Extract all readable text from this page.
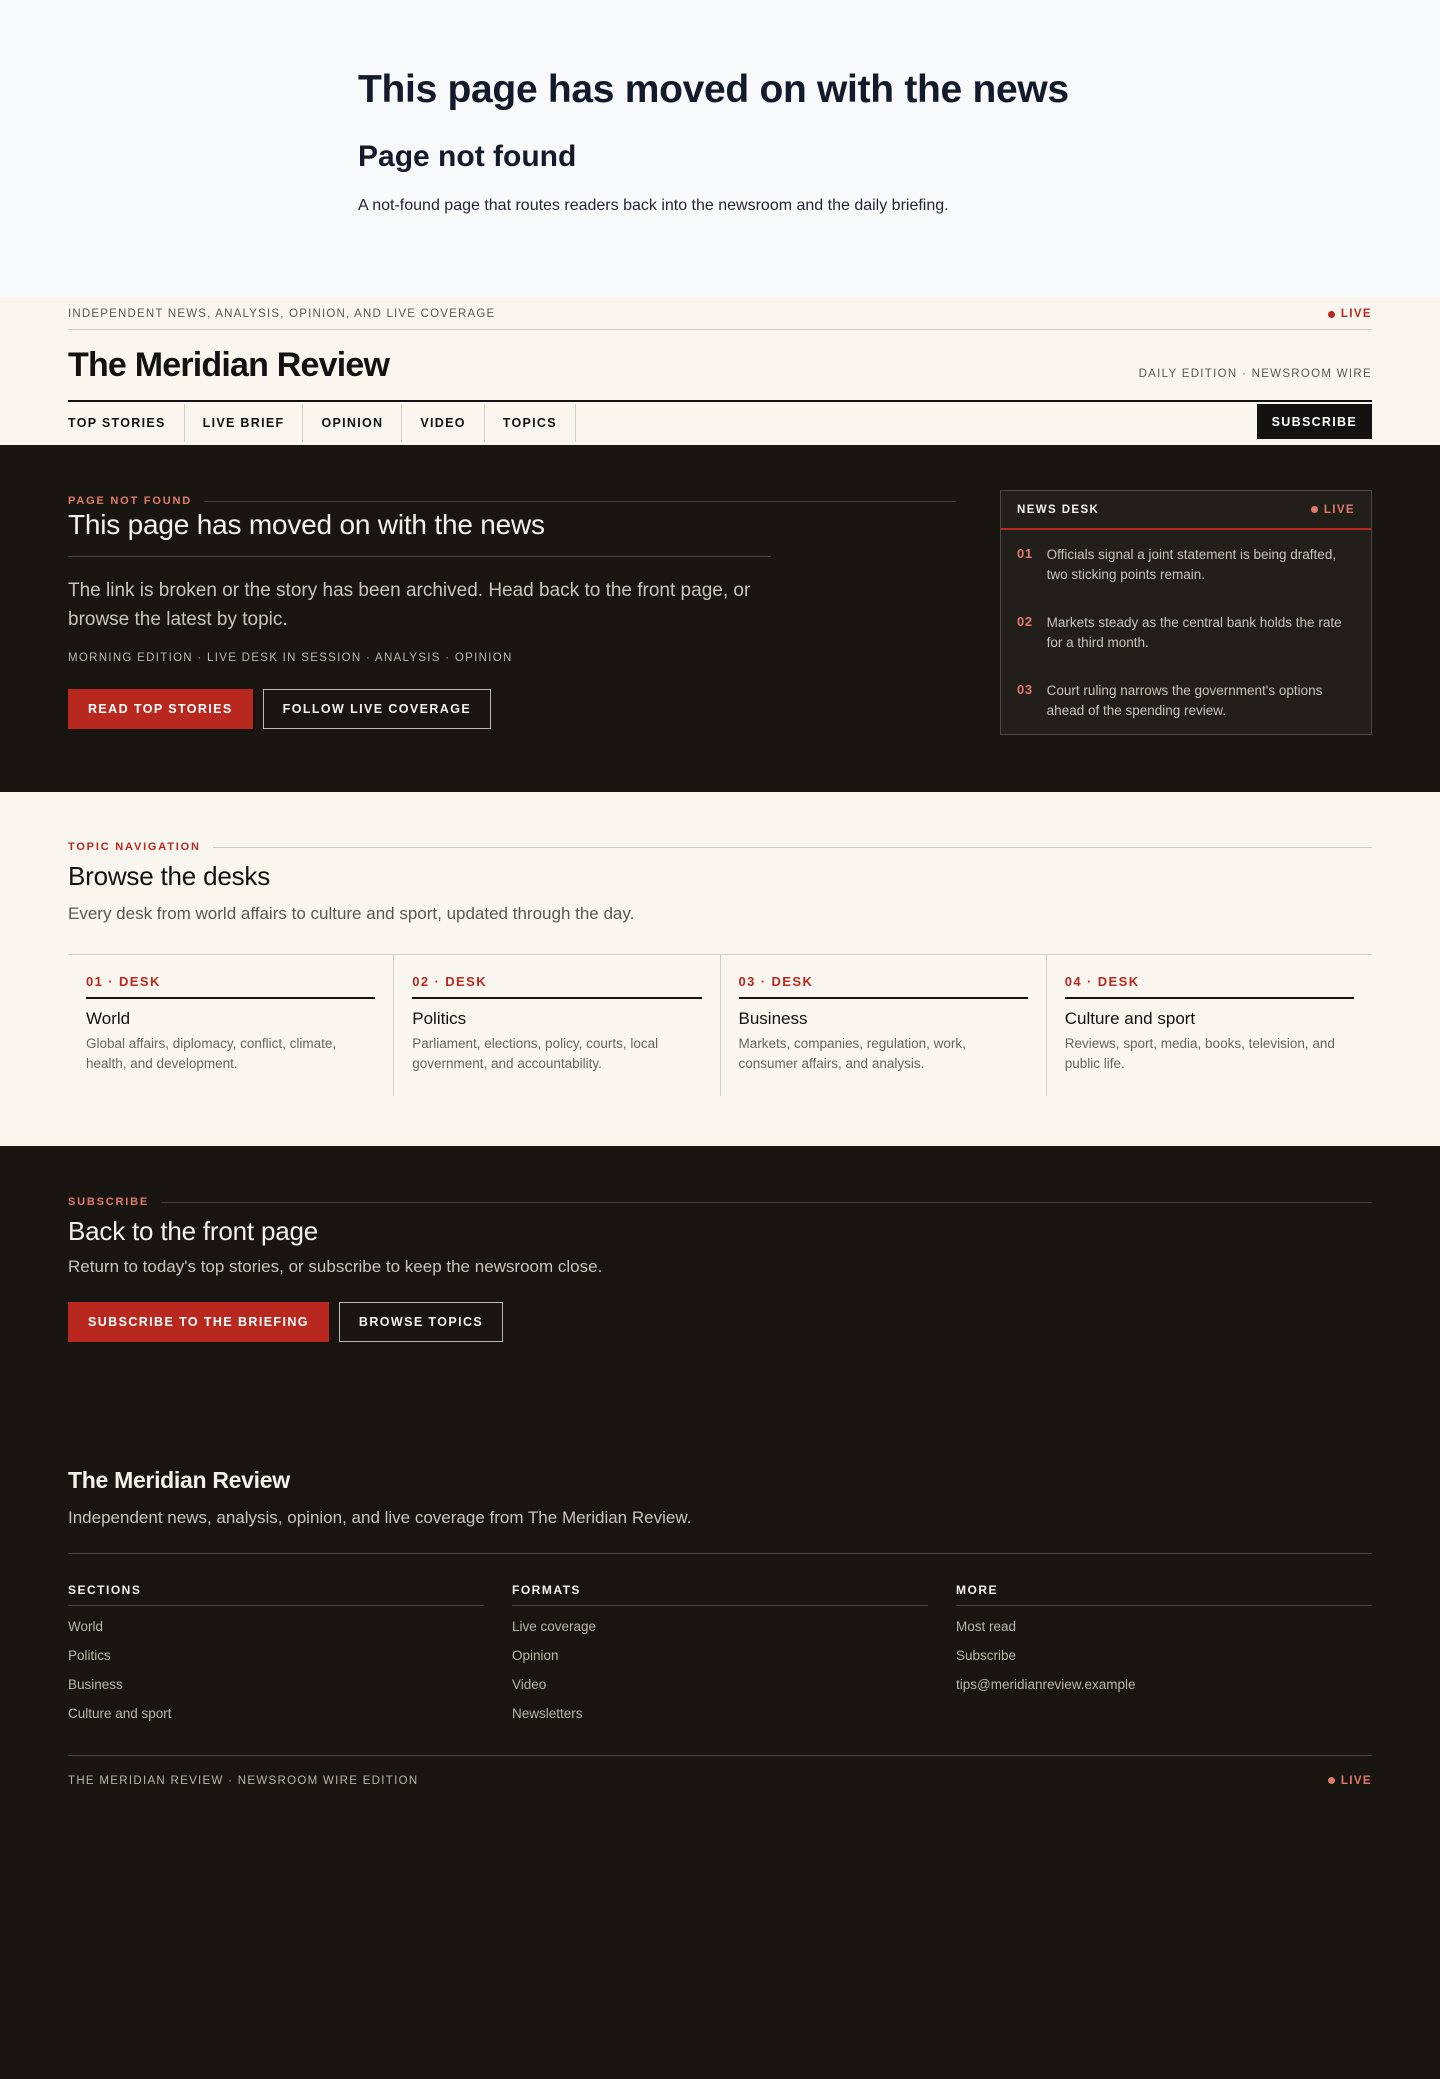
This page has moved on with the news
Page not found

A not-found page that routes readers back into the newsroom and the daily briefing.

INDEPENDENT NEWS, ANALYSIS, OPINION, AND LIVE COVERAGE	LIVE
The Meridian Review	DAILY EDITION · NEWSROOM WIRE
TOP STORIES	LIVE BRIEF	OPINION	VIDEO	TOPICS	SUBSCRIBE
PAGE NOT FOUND
This page has moved on with the news

The link is broken or the story has been archived. Head back to the front page, or browse the latest by topic.

MORNING EDITION · LIVE DESK IN SESSION · ANALYSIS · OPINION

READ TOP STORIES	FOLLOW LIVE COVERAGE
NEWS DESK	LIVE
01 Officials signal a joint statement is being drafted, two sticking points remain.
02 Markets steady as the central bank holds the rate for a third month.
03 Court ruling narrows the government's options ahead of the spending review.
TOPIC NAVIGATION
Browse the desks

Every desk from world affairs to culture and sport, updated through the day.

01 · DESK
World
Global affairs, diplomacy, conflict, climate, health, and development.
02 · DESK
Politics
Parliament, elections, policy, courts, local government, and accountability.
03 · DESK
Business
Markets, companies, regulation, work, consumer affairs, and analysis.
04 · DESK
Culture and sport
Reviews, sport, media, books, television, and public life.
SUBSCRIBE
Back to the front page

Return to today's top stories, or subscribe to keep the newsroom close.

SUBSCRIBE TO THE BRIEFING	BROWSE TOPICS
The Meridian Review

Independent news, analysis, opinion, and live coverage from The Meridian Review.

SECTIONS
World
Politics
Business
Culture and sport
FORMATS
Live coverage
Opinion
Video
Newsletters
MORE
Most read
Subscribe
tips@meridianreview.example
THE MERIDIAN REVIEW · NEWSROOM WIRE EDITION	LIVE
